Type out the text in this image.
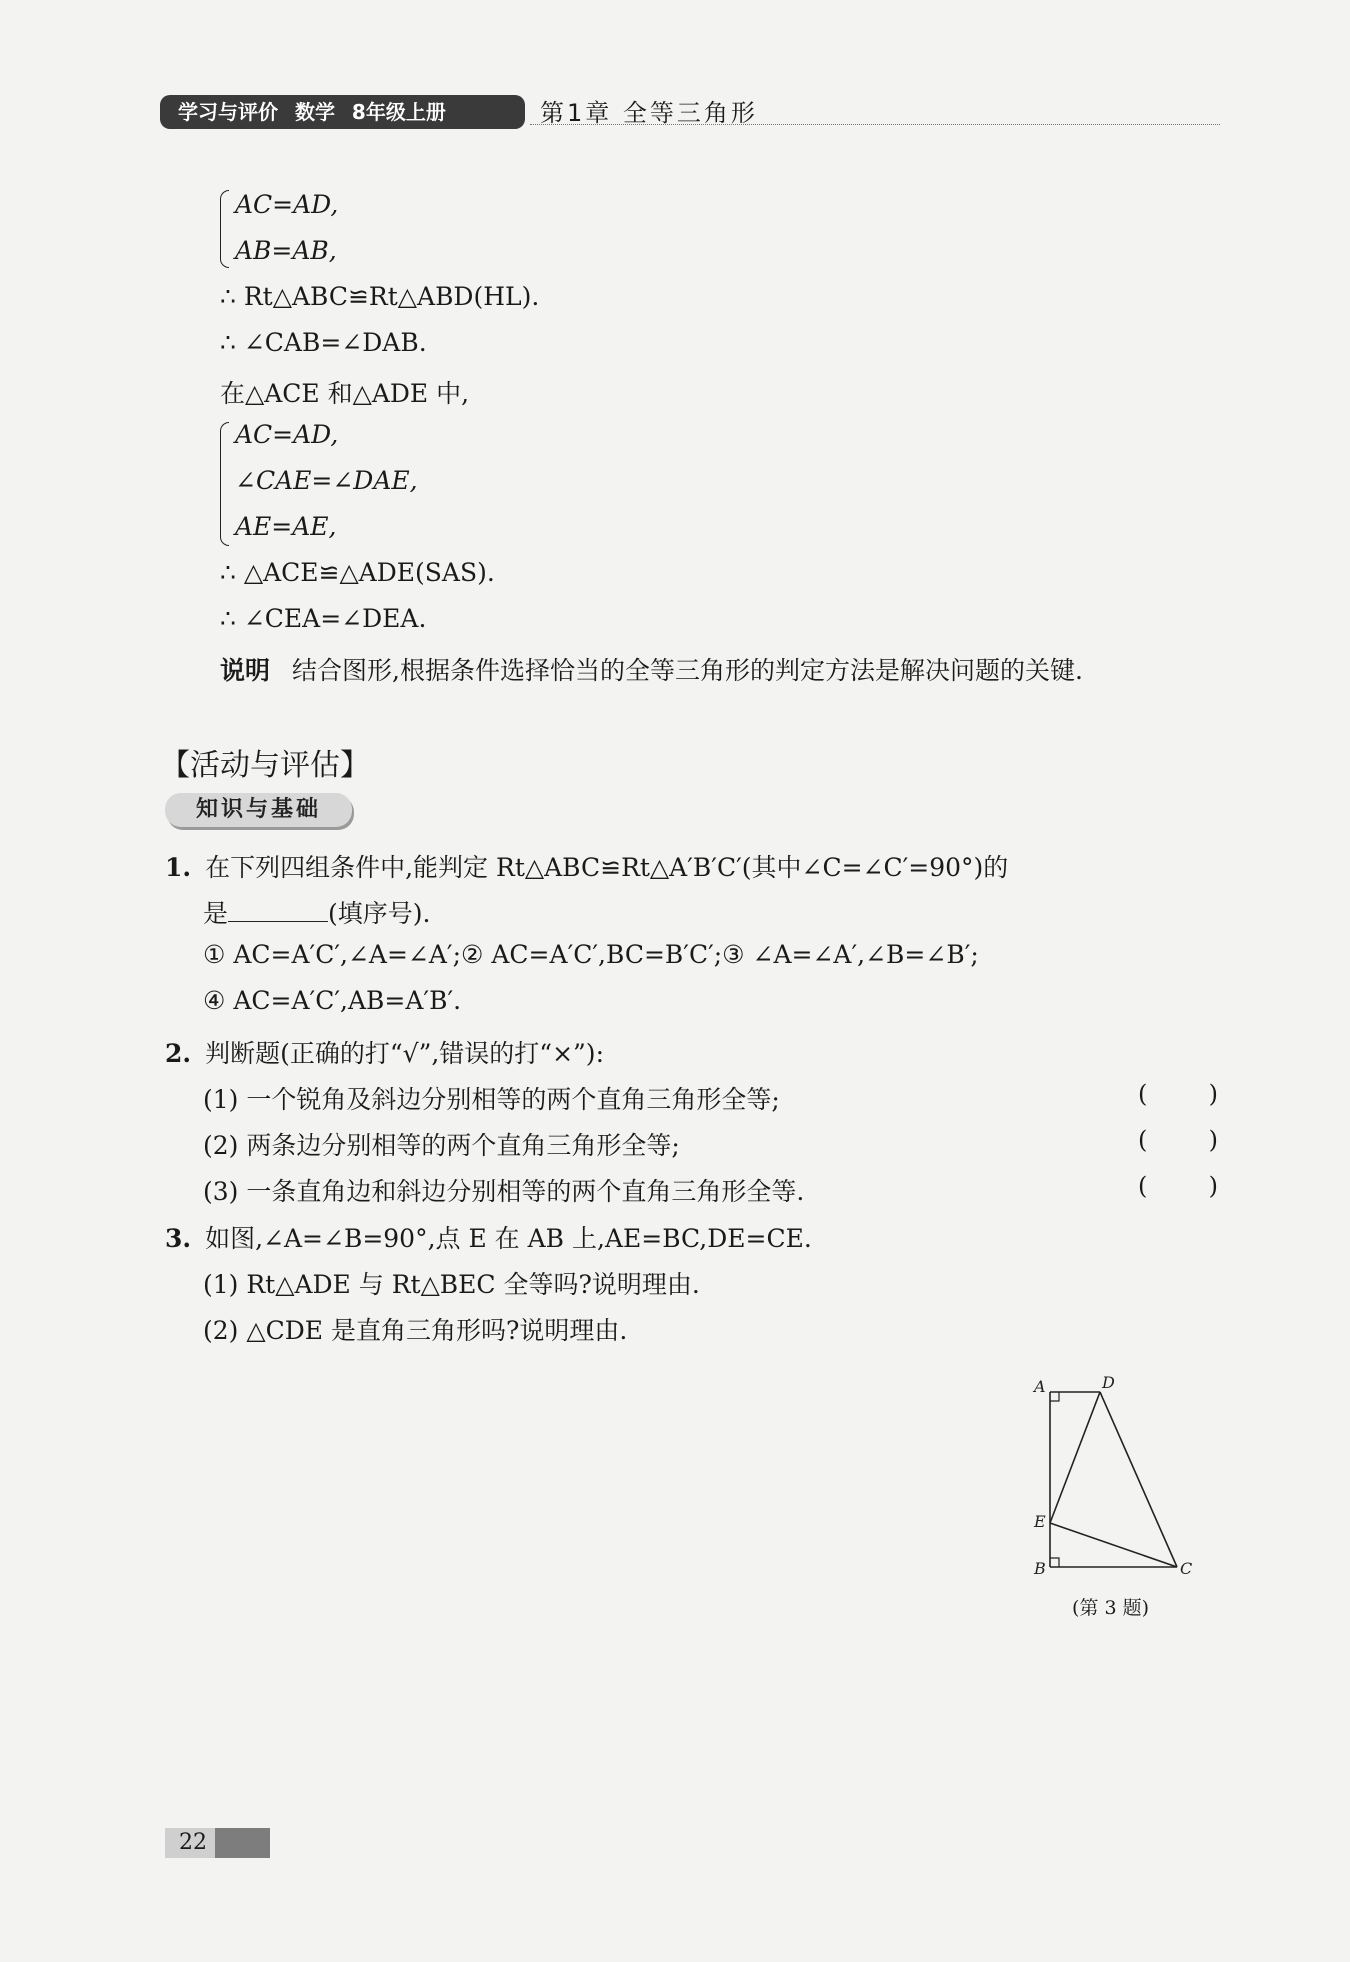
学习与评价 数学 8年级上册	第1章 全等三角形
AC=AD,
AB=AB,
∴ Rt△ABC≌Rt△ABD(HL).
∴ ∠CAB=∠DAB.
在△ACE 和△ADE 中,
AC=AD,
∠CAE=∠DAE,
AE=AE,
∴ △ACE≌△ADE(SAS).
∴ ∠CEA=∠DEA.
说明 结合图形,根据条件选择恰当的全等三角形的判定方法是解决问题的关键.
【活动与评估】
知识与基础
1. 在下列四组条件中,能判定 Rt△ABC≌Rt△A′B′C′(其中∠C=∠C′=90°)的
是	(填序号).
① AC=A′C′,∠A=∠A′;② AC=A′C′,BC=B′C′;③ ∠A=∠A′,∠B=∠B′;
④ AC=A′C′,AB=A′B′.
2. 判断题(正确的打“√”,错误的打“×”):
(1) 一个锐角及斜边分别相等的两个直角三角形全等;	(	)
(2) 两条边分别相等的两个直角三角形全等;	(	)
(3) 一条直角边和斜边分别相等的两个直角三角形全等.	(	)
3. 如图,∠A=∠B=90°,点 E 在 AB 上,AE=BC,DE=CE.
(1) Rt△ADE 与 Rt△BEC 全等吗?说明理由.
(2) △CDE 是直角三角形吗?说明理由.
A	D
E
B	C
(第 3 题)
22
